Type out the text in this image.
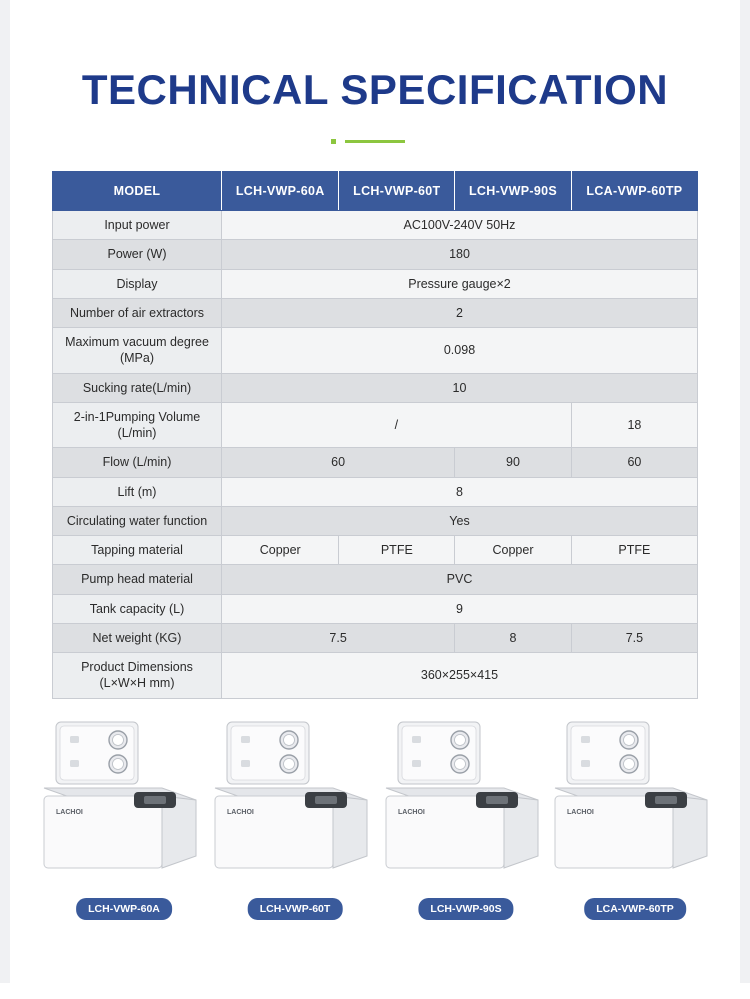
TECHNICAL SPECIFICATION
MODEL	LCH-VWP-60A	LCH-VWP-60T	LCH-VWP-90S	LCA-VWP-60TP
Input power	AC100V-240V 50Hz			
Power (W)	180			
Display	Pressure gauge×2			
Number of air extractors	2			
Maximum vacuum degree (MPa)	0.098			
Sucking rate(L/min)	10			
2-in-1Pumping Volume (L/min)	/			18
Flow (L/min)	60		90	60
Lift (m)	8			
Circulating water function	Yes			
Tapping material	Copper	PTFE	Copper	PTFE
Pump head material	PVC			
Tank capacity (L)	9			
Net weight (KG)	7.5		8	7.5
Product Dimensions (L×W×H mm)	360×255×415			
LACHOI
LCH-VWP-60A
LACHOI
LCH-VWP-60T
LACHOI
LCH-VWP-90S
LACHOI
LCA-VWP-60TP
